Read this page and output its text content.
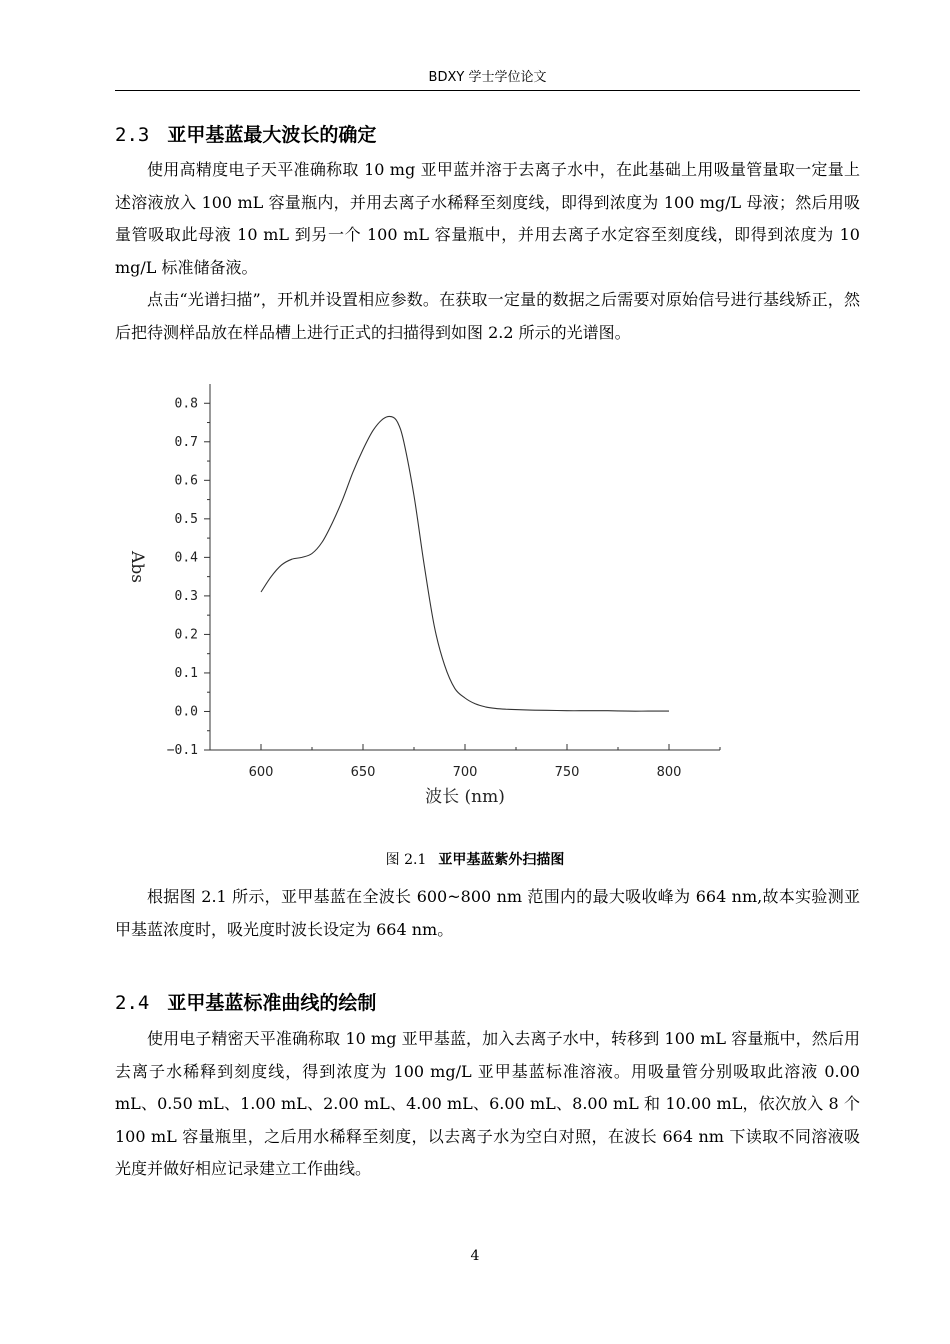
BDXY 学士学位论文
2.3 亚甲基蓝最大波长的确定

使用高精度电子天平准确称取 10 mg 亚甲蓝并溶于去离子水中，在此基础上用吸量管量取一定量上述溶液放入 100 mL 容量瓶内，并用去离子水稀释至刻度线，即得到浓度为 100 mg/L 母液；然后用吸量管吸取此母液 10 mL 到另一个 100 mL 容量瓶中，并用去离子水定容至刻度线，即得到浓度为 10 mg/L 标准储备液。

点击“光谱扫描”，开机并设置相应参数。在获取一定量的数据之后需要对原始信号进行基线矫正，然后把待测样品放在样品槽上进行正式的扫描得到如图 2.2 所示的光谱图。

600	650	700	750	800
−0.1
0.0
0.1
0.2
0.3
0.4
0.5
0.6
0.7
0.8
波长 (nm)
Abs
图 2.1 亚甲基蓝紫外扫描图

根据图 2.1 所示，亚甲基蓝在全波长 600~800 nm 范围内的最大吸收峰为 664 nm,故本实验测亚甲基蓝浓度时，吸光度时波长设定为 664 nm。

2.4 亚甲基蓝标准曲线的绘制

使用电子精密天平准确称取 10 mg 亚甲基蓝，加入去离子水中，转移到 100 mL 容量瓶中，然后用去离子水稀释到刻度线，得到浓度为 100 mg/L 亚甲基蓝标准溶液。用吸量管分别吸取此溶液 0.00 mL、0.50 mL、1.00 mL、2.00 mL、4.00 mL、6.00 mL、8.00 mL 和 10.00 mL，依次放入 8 个 100 mL 容量瓶里，之后用水稀释至刻度，以去离子水为空白对照，在波长 664 nm 下读取不同溶液吸光度并做好相应记录建立工作曲线。

4
